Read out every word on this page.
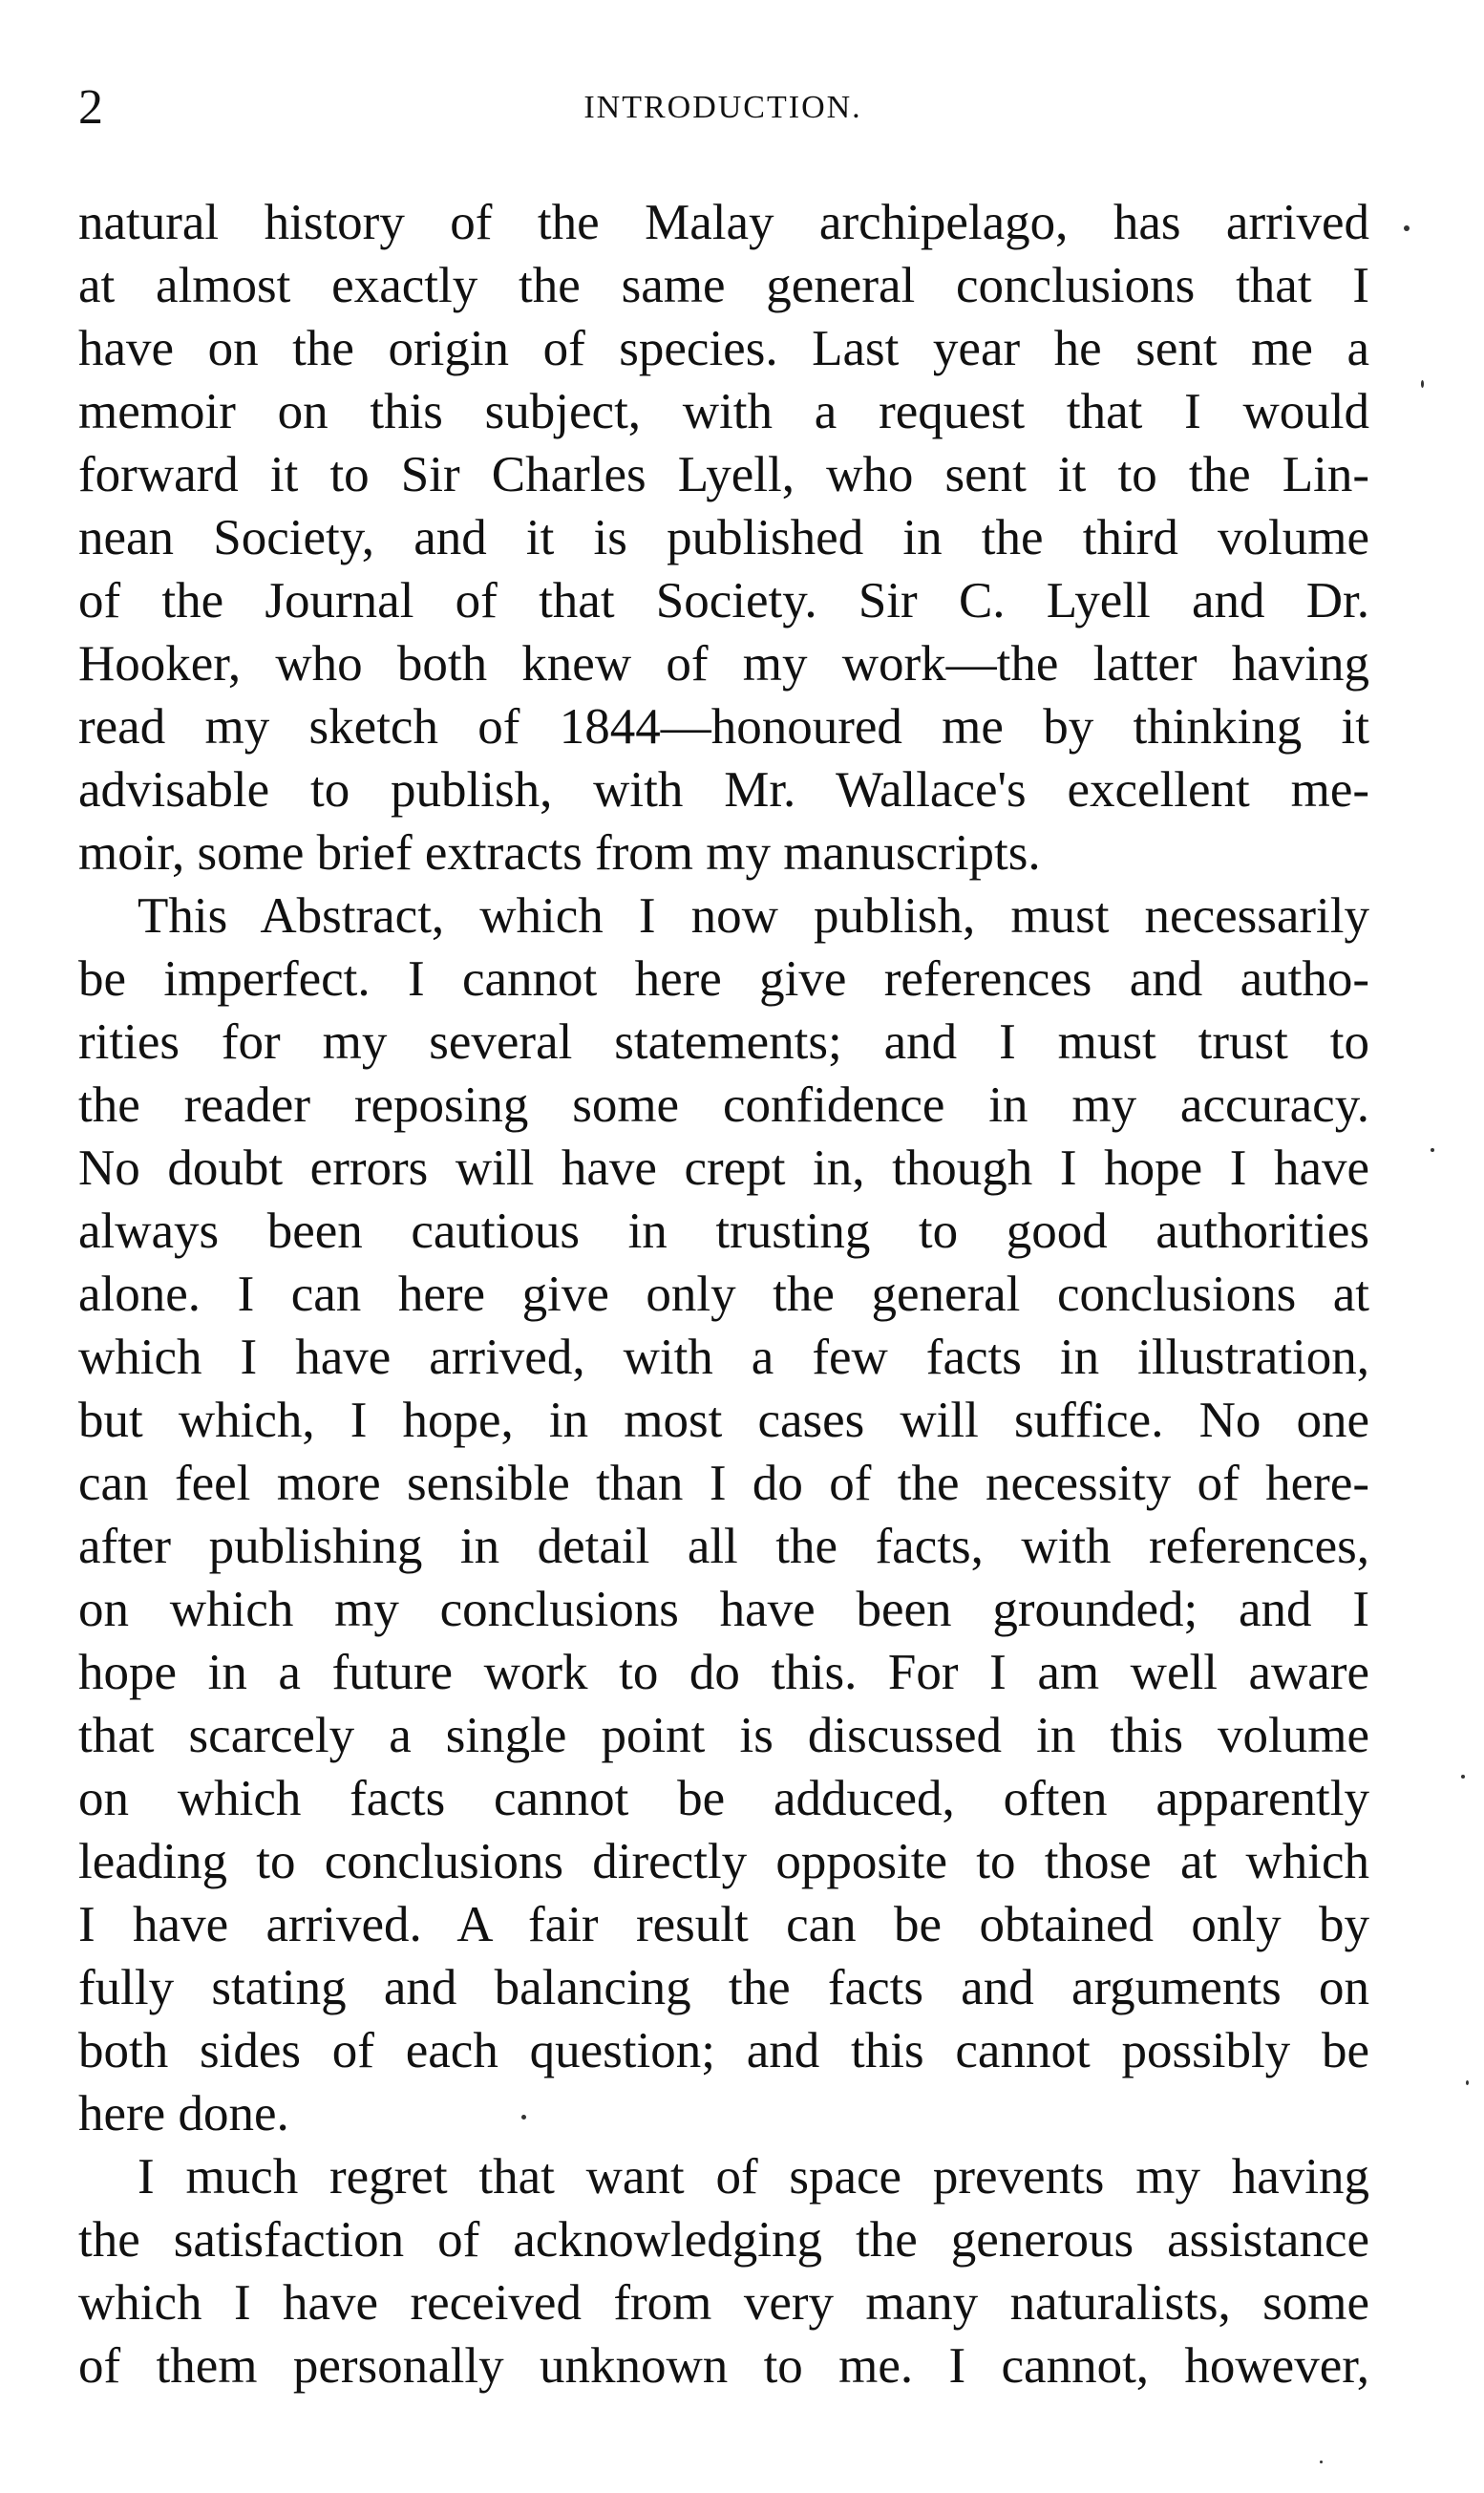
2	INTRODUCTION.
natural history of the Malay archipelago, has arrived
at almost exactly the same general conclusions that I
have on the origin of species. Last year he sent me a
memoir on this subject, with a request that I would
forward it to Sir Charles Lyell, who sent it to the Lin-
nean Society, and it is published in the third volume
of the Journal of that Society. Sir C. Lyell and Dr.
Hooker, who both knew of my work—the latter having
read my sketch of 1844—honoured me by thinking it
advisable to publish, with Mr. Wallace's excellent me-
moir, some brief extracts from my manuscripts.
This Abstract, which I now publish, must necessarily
be imperfect. I cannot here give references and autho-
rities for my several statements; and I must trust to
the reader reposing some confidence in my accuracy.
No doubt errors will have crept in, though I hope I have
always been cautious in trusting to good authorities
alone. I can here give only the general conclusions at
which I have arrived, with a few facts in illustration,
but which, I hope, in most cases will suffice. No one
can feel more sensible than I do of the necessity of here-
after publishing in detail all the facts, with references,
on which my conclusions have been grounded; and I
hope in a future work to do this. For I am well aware
that scarcely a single point is discussed in this volume
on which facts cannot be adduced, often apparently
leading to conclusions directly opposite to those at which
I have arrived. A fair result can be obtained only by
fully stating and balancing the facts and arguments on
both sides of each question; and this cannot possibly be
here done.
I much regret that want of space prevents my having
the satisfaction of acknowledging the generous assistance
which I have received from very many naturalists, some
of them personally unknown to me. I cannot, however,
